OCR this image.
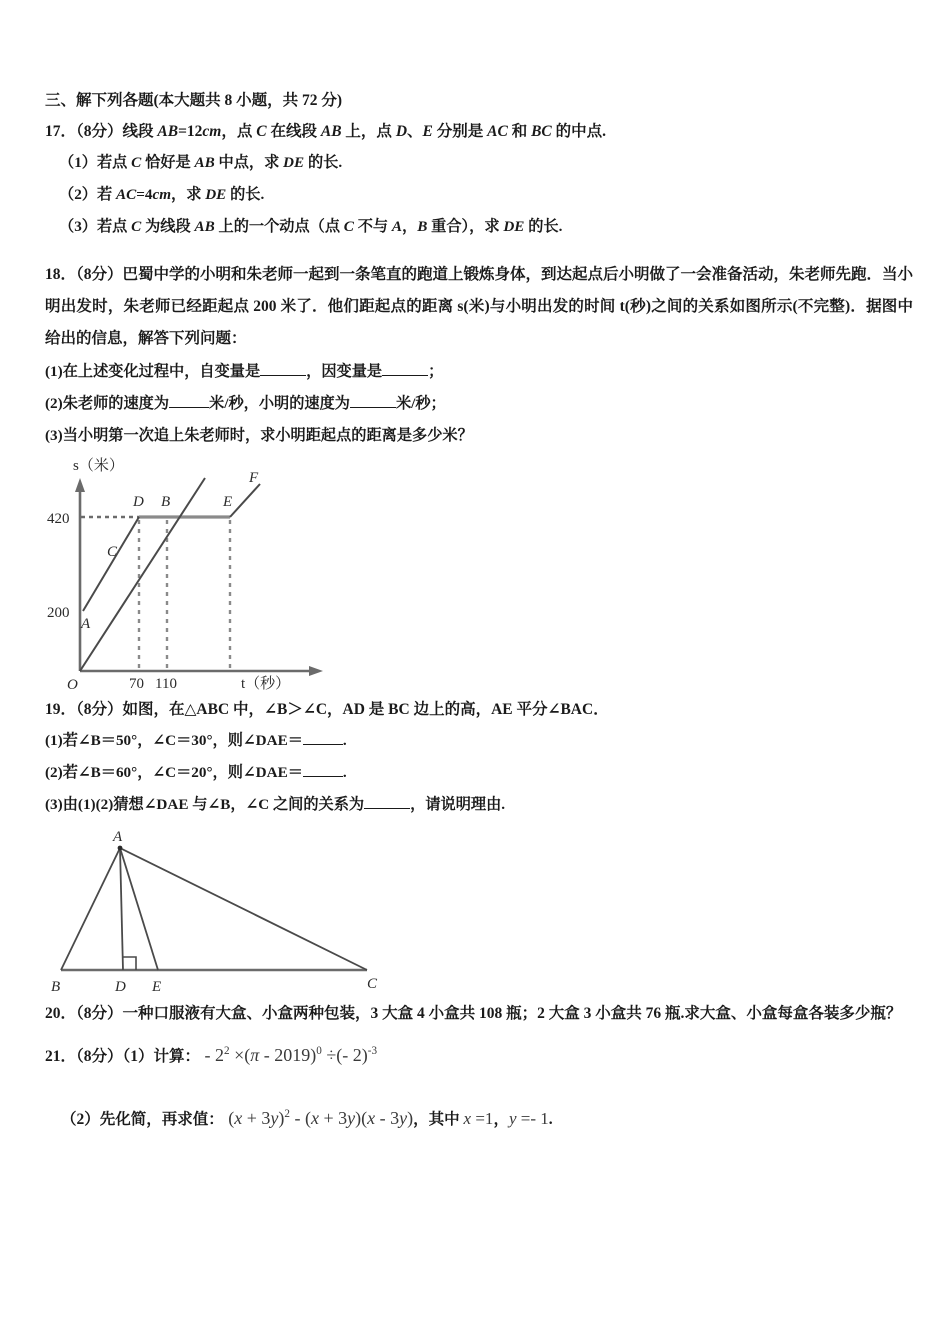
三、解下列各题(本大题共 8 小题，共 72 分)
17．（8分）线段 AB=12cm，点 C 在线段 AB 上，点 D、E 分别是 AC 和 BC 的中点.
（1）若点 C 恰好是 AB 中点，求 DE 的长.
（2）若 AC=4cm，求 DE 的长.
（3）若点 C 为线段 AB 上的一个动点（点 C 不与 A，B 重合），求 DE 的长.
18．（8分）巴蜀中学的小明和朱老师一起到一条笔直的跑道上锻炼身体，到达起点后小明做了一会准备活动，朱老师先跑．当小明出发时，朱老师已经距起点 200 米了．他们距起点的距离 s(米)与小明出发的时间 t(秒)之间的关系如图所示(不完整)．据图中给出的信息，解答下列问题：
(1)在上述变化过程中，自变量是	，因变量是	；
(2)朱老师的速度为	米/秒，小明的速度为	米/秒；
(3)当小明第一次追上朱老师时，求小明距起点的距离是多少米？
s（米）
t（秒）
420
200
70 110
O
D B	E
F
C
A
19．（8分）如图，在△ABC 中，∠B＞∠C，AD 是 BC 边上的高，AE 平分∠BAC．
(1)若∠B＝50°，∠C＝30°，则∠DAE＝	.
(2)若∠B＝60°，∠C＝20°，则∠DAE＝	.
(3)由(1)(2)猜想∠DAE 与∠B，∠C 之间的关系为	，请说明理由.
A
B	D E	C
20．（8分）一种口服液有大盒、小盒两种包装，3 大盒 4 小盒共 108 瓶；2 大盒 3 小盒共 76 瓶.求大盒、小盒每盒各装多少瓶？
21．（8分）（1）计算： - $2^2 \times(\pi - 2019)^0$ ÷(- 2)$^{-3}$
（2）先化简，再求值： $(x + 3y)^2 - (x + 3y)(x - 3y)$，其中 x =1，y =- 1.
